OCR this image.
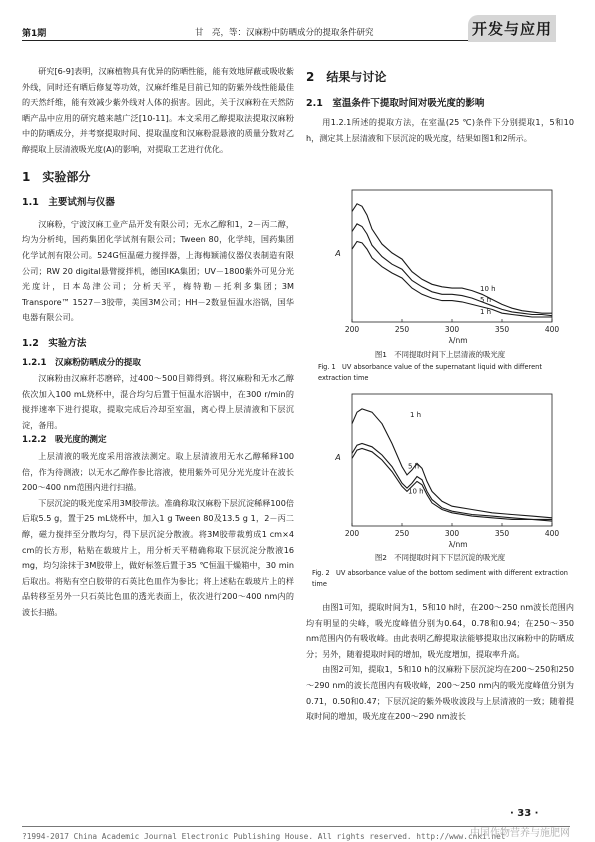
第1期	甘　亮，等：汉麻粉中防晒成分的提取条件研究	开发与应用

研究[6-9]表明，汉麻植物具有优异的防晒性能，能有效地屏蔽或吸收紫外线，同时还有晒后修复等功效，汉麻纤维是目前已知的防紫外线性能最佳的天然纤维，能有效减少紫外线对人体的损害。因此，关于汉麻粉在天然防晒产品中应用的研究越来越广泛[10-11]。本文采用乙醇提取法提取汉麻粉中的防晒成分，并考察提取时间、提取温度和汉麻粉混悬液的质量分数对乙醇提取上层清液吸光度(A)的影响，对提取工艺进行优化。

1　实验部分
1.1　主要试剂与仪器

汉麻粉，宁波汉麻工业产品开发有限公司；无水乙醇和1，2－丙二醇，均为分析纯，国药集团化学试剂有限公司；Tween 80，化学纯，国药集团化学试剂有限公司。524G恒温磁力搅拌器，上海梅颖浦仪器仪表制造有限公司；RW 20 digital悬臂搅拌机，德国IKA集团；UV－1800紫外可见分光光度计，日本岛津公司；分析天平，梅特勒－托利多集团；3M Transpore™ 1527－3胶带，美国3M公司；HH－2数显恒温水浴锅，国华电器有限公司。

1.2　实验方法
1.2.1　汉麻粉防晒成分的提取

汉麻粉由汉麻秆芯磨碎，过400～500目筛得到。将汉麻粉和无水乙醇依次加入100 mL烧杯中，混合均匀后置于恒温水浴锅中，在300 r/min的搅拌速率下进行提取，提取完成后冷却至室温，离心得上层清液和下层沉淀，备用。

1.2.2　吸光度的测定

上层清液的吸光度采用溶液法测定。取上层清液用无水乙醇稀释100倍，作为待测液；以无水乙醇作参比溶液，使用紫外可见分光光度计在波长200～400 nm范围内进行扫描。

下层沉淀的吸光度采用3M胶带法。准确称取汉麻粉下层沉淀稀释100倍后取5.5 g，置于25 mL烧杯中，加入1 g Tween 80及13.5 g 1，2－丙二醇，磁力搅拌至分散均匀，得下层沉淀分散液。将3M胶带裁剪成1 cm×4 cm的长方形，粘贴在载玻片上，用分析天平精确称取下层沉淀分散液16 mg，均匀涂抹于3M胶带上，做好标签后置于35 ℃恒温干燥箱中，30 min后取出。将贴有空白胶带的石英比色皿作为参比；将上述粘在载玻片上的样品转移至另外一只石英比色皿的透光表面上，依次进行200～400 nm内的波长扫描。

2　结果与讨论
2.1　室温条件下提取时间对吸光度的影响

用1.2.1所述的提取方法，在室温(25 ℃)条件下分别提取1，5和10 h，测定其上层清液和下层沉淀的吸光度，结果如图1和2所示。

200	250	300	350	400
A
λ/nm
10 h
5 h
1 h
图1　不同提取时间下上层清液的吸光度
Fig. 1 UV absorbance value of the supernatant liquid with different extraction time
200	250	300	350	400
A
λ/nm
1 h
5 h
10 h
图2　不同提取时间下下层沉淀的吸光度
Fig. 2 UV absorbance value of the bottom sediment with different extraction time

由图1可知，提取时间为1，5和10 h时，在200～250 nm波长范围内均有明显的尖峰，吸光度峰值分别为0.64，0.78和0.94；在250～350 nm范围内仍有吸收峰。由此表明乙醇提取法能够提取出汉麻粉中的防晒成分；另外，随着提取时间的增加，吸光度增加，提取率升高。

由图2可知，提取1，5和10 h的汉麻粉下层沉淀均在200～250和250～290 nm的波长范围内有吸收峰，200～250 nm内的吸光度峰值分别为0.71，0.50和0.47；下层沉淀的紫外吸收波段与上层清液的一致；随着提取时间的增加，吸光度在200～290 nm波长

· 33 ·
?1994-2017 China Academic Journal Electronic Publishing House. All rights reserved. http://www.cnki.net
中国作物营养与施肥网
